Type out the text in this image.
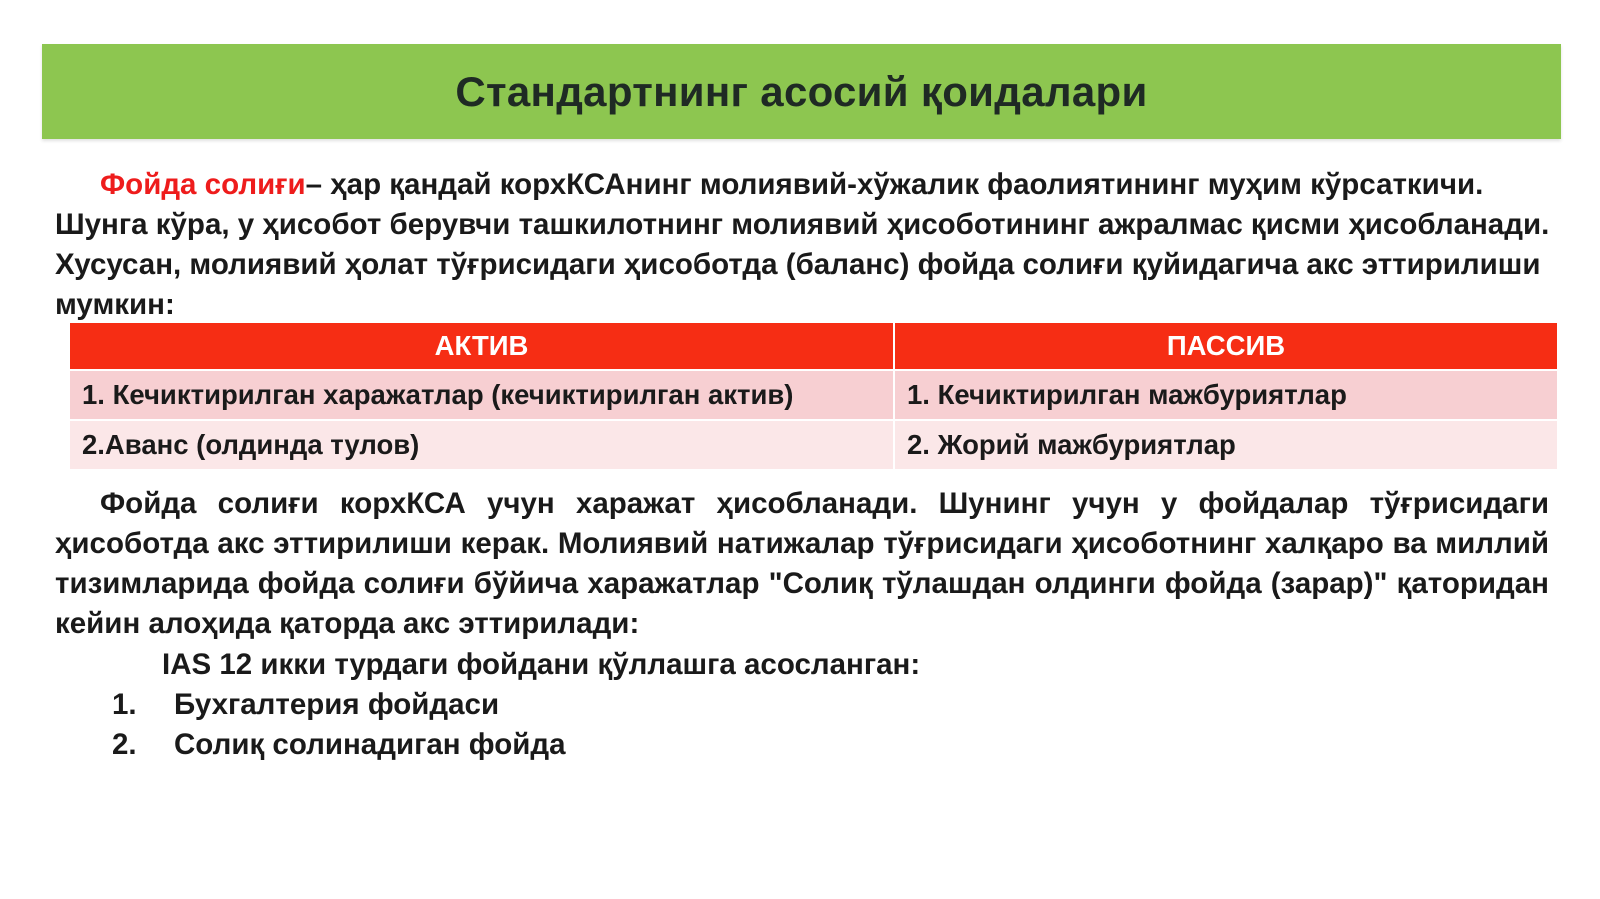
Стандартнинг асосий қоидалари

Фойда солиғи– ҳар қандай корхКСАнинг молиявий-хўжалик фаолиятининг муҳим кўрсаткичи. Шунга кўра, у ҳисобот берувчи ташкилотнинг молиявий ҳисоботининг ажралмас қисми ҳисобланади. Хусусан, молиявий ҳолат тўғрисидаги ҳисоботда (баланс) фойда солиғи қуйидагича акс эттирилиши мумкин:

АКТИВ	ПАССИВ
1. Кечиктирилган харажатлар (кечиктирилган актив)	1. Кечиктирилган мажбуриятлар
2.Аванс (олдинда тулов)	2. Жорий мажбуриятлар

Фойда солиғи корхКСА учун харажат ҳисобланади. Шунинг учун у фойдалар тўғрисидаги ҳисоботда акс эттирилиши керак. Молиявий натижалар тўғрисидаги ҳисоботнинг халқаро ва миллий тизимларида фойда солиғи бўйича харажатлар "Солиқ тўлашдан олдинги фойда (зарар)" қаторидан кейин алоҳида қаторда акс эттирилади:

IAS 12 икки турдаги фойдани қўллашга асосланган:
1.	Бухгалтерия фойдаси
2.	Солиқ солинадиган фойда
